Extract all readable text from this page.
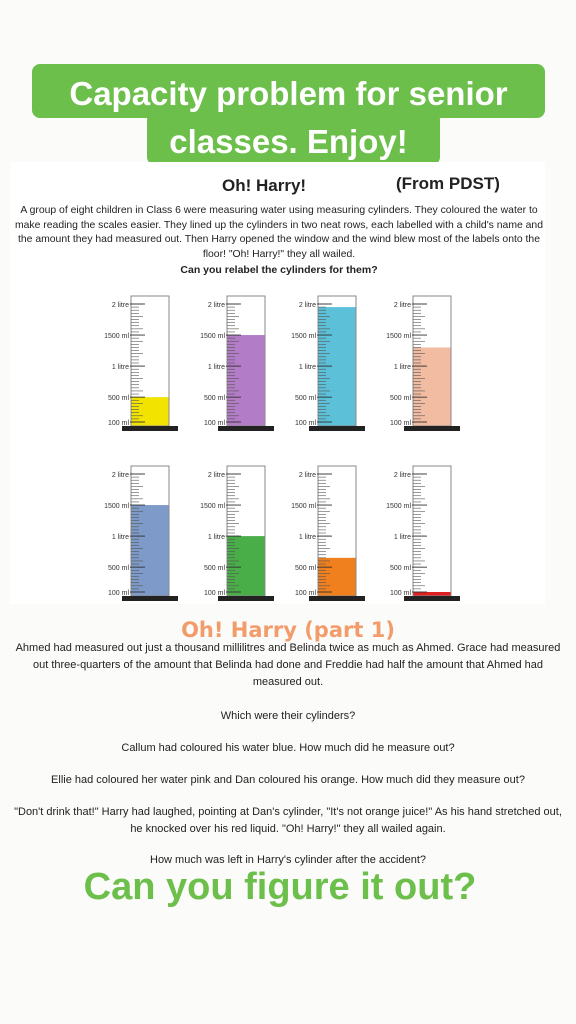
Capacity problem for senior
classes. Enjoy!
Oh! Harry!	(From PDST)
A group of eight children in Class 6 were measuring water using measuring cylinders. They coloured the water to make reading the scales easier. They lined up the cylinders in two neat rows, each labelled with a child's name and the amount they had measured out. Then Harry opened the window and the wind blew most of the labels onto the floor! "Oh! Harry!" they all wailed.
Can you relabel the cylinders for them?
2 litre
1500 ml
1 litre
500 ml
100 ml
2 litre
1500 ml
1 litre
500 ml
100 ml
2 litre
1500 ml
1 litre
500 ml
100 ml
2 litre
1500 ml
1 litre
500 ml
100 ml
2 litre
1500 ml
1 litre
500 ml
100 ml
2 litre
1500 ml
1 litre
500 ml
100 ml
2 litre
1500 ml
1 litre
500 ml
100 ml
2 litre
1500 ml
1 litre
500 ml
100 ml
Oh! Harry (part 1)
Ahmed had measured out just a thousand millilitres and Belinda twice as much as Ahmed. Grace had measured out three-quarters of the amount that Belinda had done and Freddie had half the amount that Ahmed had measured out.
Which were their cylinders?
Callum had coloured his water blue. How much did he measure out?
Ellie had coloured her water pink and Dan coloured his orange. How much did they measure out?
"Don't drink that!" Harry had laughed, pointing at Dan's cylinder, "It's not orange juice!" As his hand stretched out, he knocked over his red liquid. "Oh! Harry!" they all wailed again.
How much was left in Harry's cylinder after the accident?
Can you figure it out?
